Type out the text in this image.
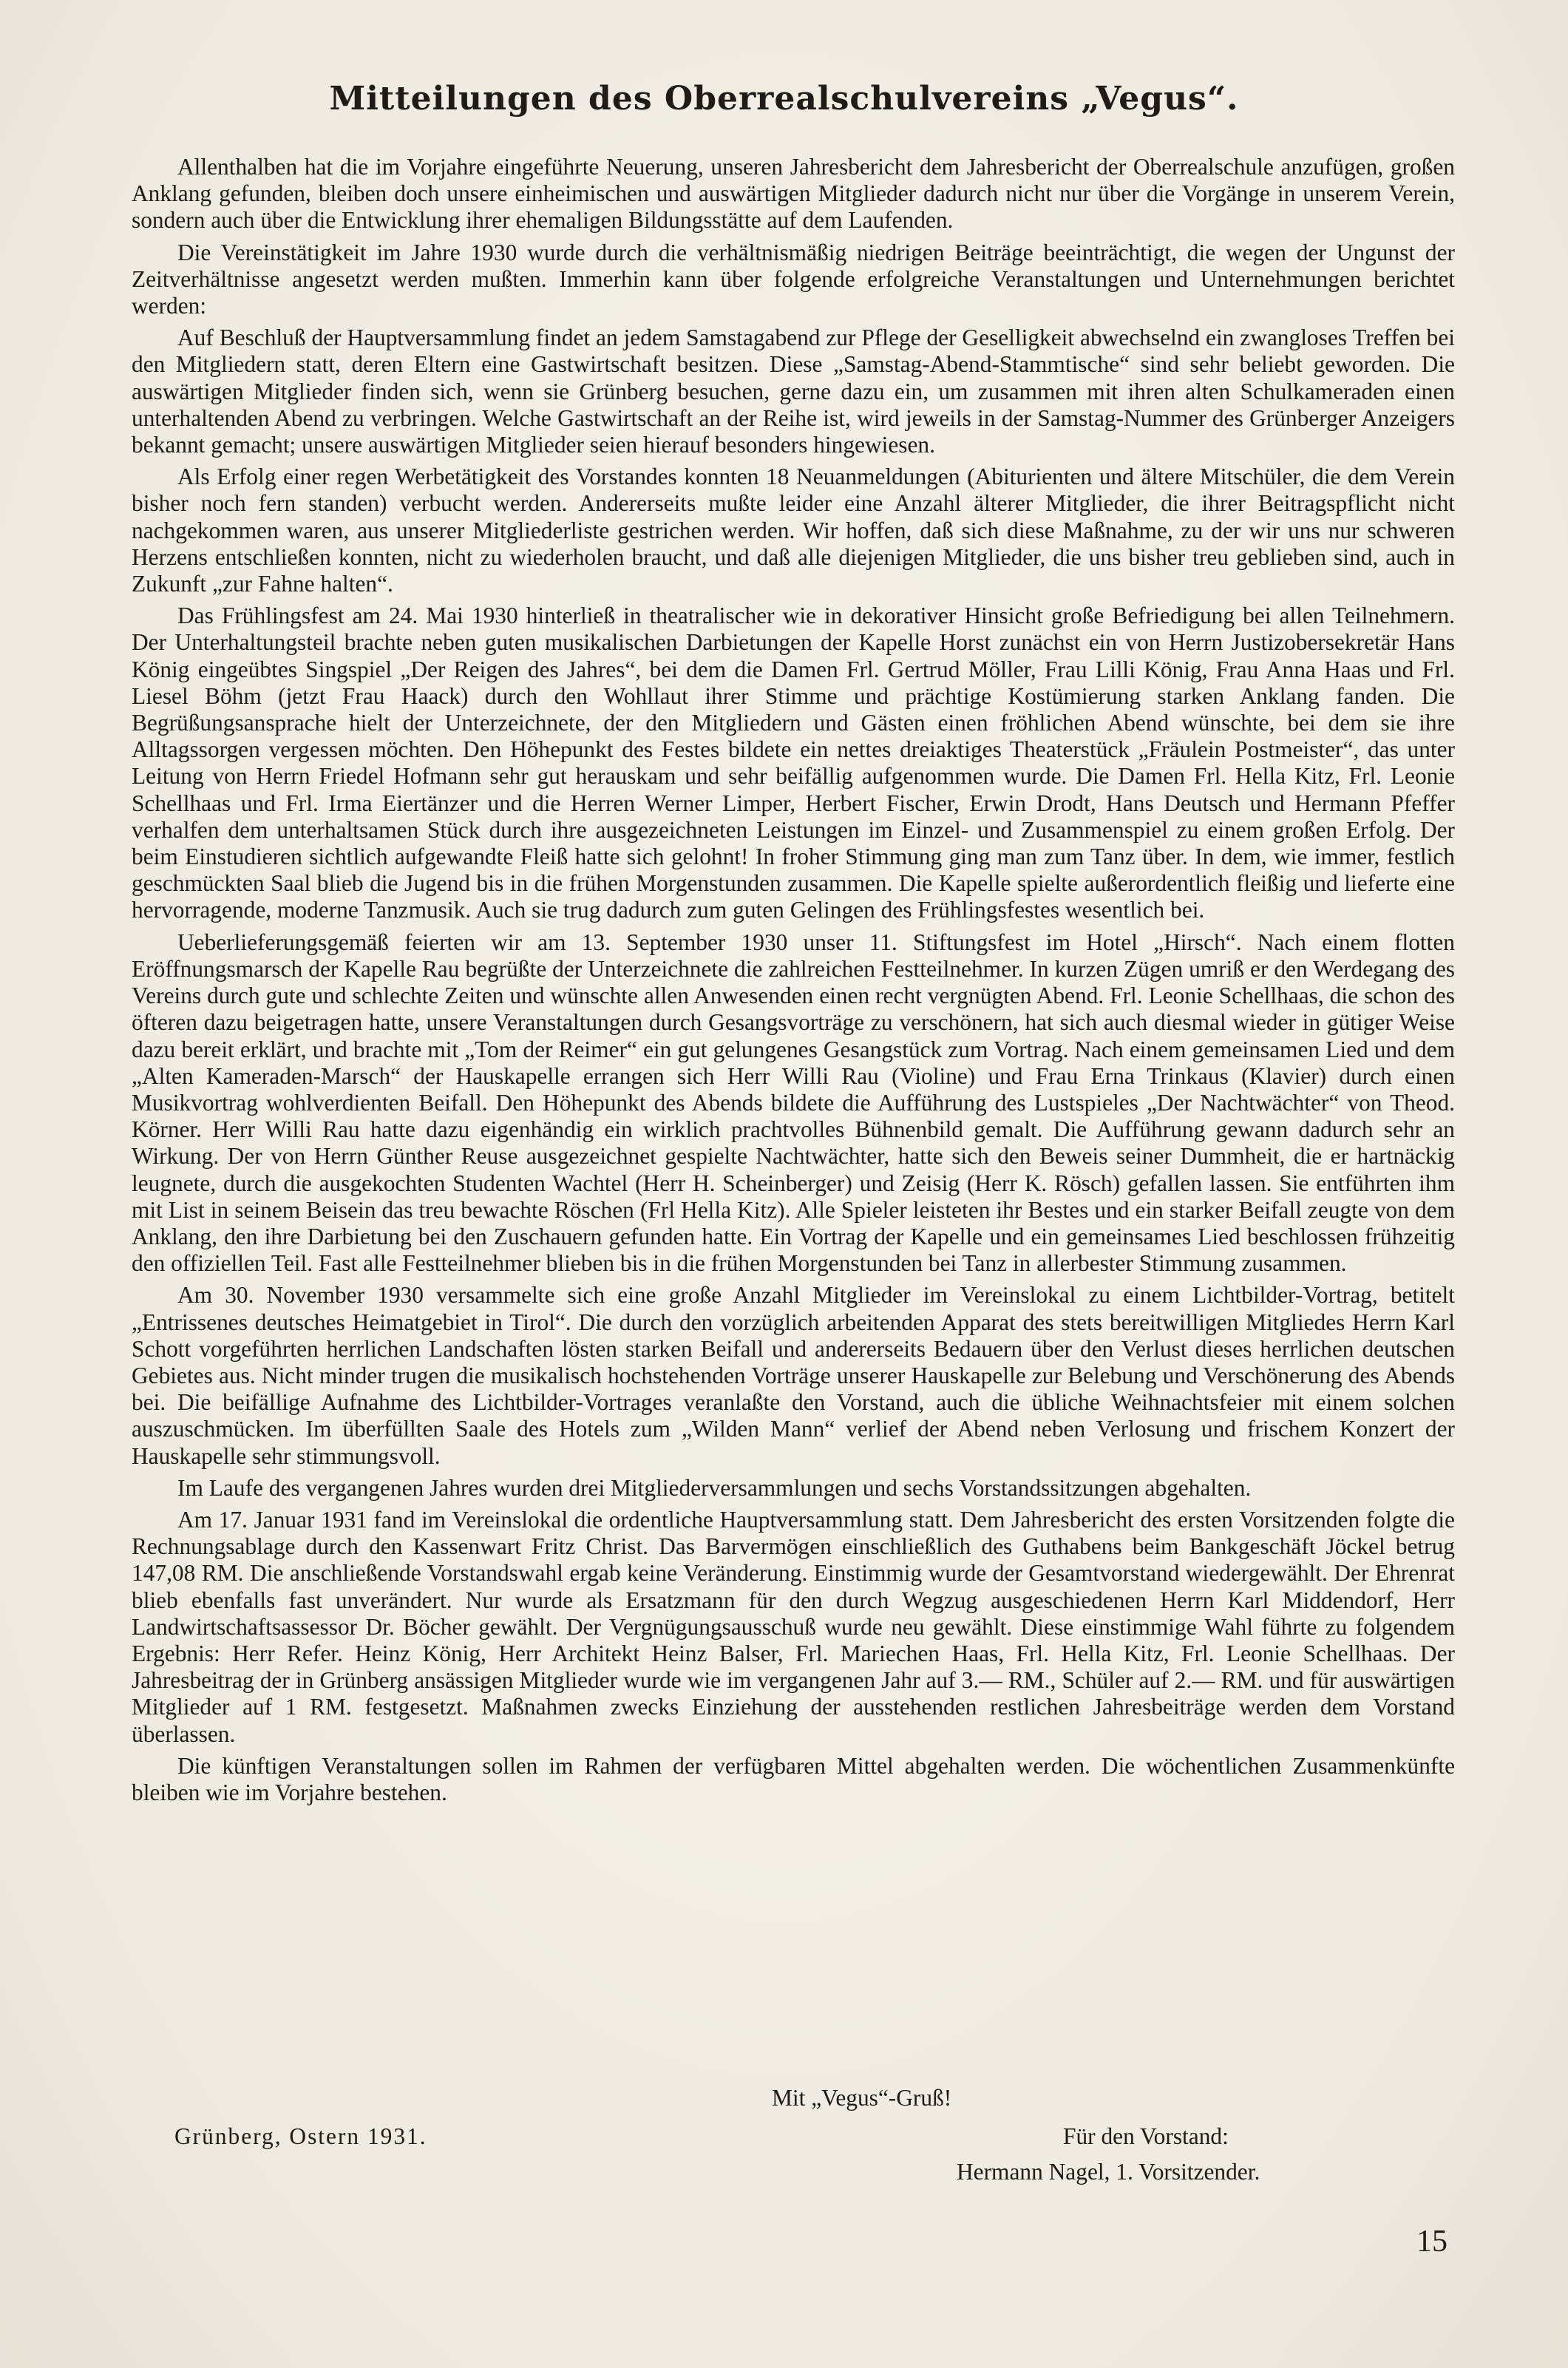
Mitteilungen des Oberrealschulvereins „Vegus“.

Allenthalben hat die im Vorjahre eingeführte Neuerung, unseren Jahresbericht dem Jahresbericht der Oberrealschule anzufügen, großen Anklang gefunden, bleiben doch unsere einheimischen und auswärtigen Mitglieder dadurch nicht nur über die Vorgänge in unserem Verein, sondern auch über die Entwicklung ihrer ehemaligen Bildungsstätte auf dem Laufenden.

Die Vereinstätigkeit im Jahre 1930 wurde durch die verhältnismäßig niedrigen Beiträge beeinträchtigt, die wegen der Ungunst der Zeitverhältnisse angesetzt werden mußten. Immerhin kann über folgende erfolgreiche Veranstaltungen und Unternehmungen berichtet werden:

Auf Beschluß der Hauptversammlung findet an jedem Samstagabend zur Pflege der Geselligkeit abwechselnd ein zwangloses Treffen bei den Mitgliedern statt, deren Eltern eine Gastwirtschaft besitzen. Diese „Samstag-Abend-Stammtische“ sind sehr beliebt geworden. Die auswärtigen Mitglieder finden sich, wenn sie Grünberg besuchen, gerne dazu ein, um zusammen mit ihren alten Schulkameraden einen unterhaltenden Abend zu verbringen. Welche Gastwirtschaft an der Reihe ist, wird jeweils in der Samstag-Nummer des Grünberger Anzeigers bekannt gemacht; unsere auswärtigen Mitglieder seien hierauf besonders hingewiesen.

Als Erfolg einer regen Werbetätigkeit des Vorstandes konnten 18 Neuanmeldungen (Abiturienten und ältere Mitschüler, die dem Verein bisher noch fern standen) verbucht werden. Andererseits mußte leider eine Anzahl älterer Mitglieder, die ihrer Beitragspflicht nicht nachgekommen waren, aus unserer Mitgliederliste gestrichen werden. Wir hoffen, daß sich diese Maßnahme, zu der wir uns nur schweren Herzens entschließen konnten, nicht zu wiederholen braucht, und daß alle diejenigen Mitglieder, die uns bisher treu geblieben sind, auch in Zukunft „zur Fahne halten“.

Das Frühlingsfest am 24. Mai 1930 hinterließ in theatralischer wie in dekorativer Hinsicht große Befriedigung bei allen Teilnehmern. Der Unterhaltungsteil brachte neben guten musikalischen Darbietungen der Kapelle Horst zunächst ein von Herrn Justizobersekretär Hans König eingeübtes Singspiel „Der Reigen des Jahres“, bei dem die Damen Frl. Gertrud Möller, Frau Lilli König, Frau Anna Haas und Frl. Liesel Böhm (jetzt Frau Haack) durch den Wohllaut ihrer Stimme und prächtige Kostümierung starken Anklang fanden. Die Begrüßungsansprache hielt der Unterzeichnete, der den Mitgliedern und Gästen einen fröhlichen Abend wünschte, bei dem sie ihre Alltagssorgen vergessen möchten. Den Höhepunkt des Festes bildete ein nettes dreiaktiges Theaterstück „Fräulein Postmeister“, das unter Leitung von Herrn Friedel Hofmann sehr gut herauskam und sehr beifällig aufgenommen wurde. Die Damen Frl. Hella Kitz, Frl. Leonie Schellhaas und Frl. Irma Eiertänzer und die Herren Werner Limper, Herbert Fischer, Erwin Drodt, Hans Deutsch und Hermann Pfeffer verhalfen dem unterhaltsamen Stück durch ihre ausgezeichneten Leistungen im Einzel- und Zusammenspiel zu einem großen Erfolg. Der beim Einstudieren sichtlich aufgewandte Fleiß hatte sich gelohnt! In froher Stimmung ging man zum Tanz über. In dem, wie immer, festlich geschmückten Saal blieb die Jugend bis in die frühen Morgenstunden zusammen. Die Kapelle spielte außerordentlich fleißig und lieferte eine hervorragende, moderne Tanzmusik. Auch sie trug dadurch zum guten Gelingen des Frühlingsfestes wesentlich bei.

Ueberlieferungsgemäß feierten wir am 13. September 1930 unser 11. Stiftungsfest im Hotel „Hirsch“. Nach einem flotten Eröffnungsmarsch der Kapelle Rau begrüßte der Unterzeichnete die zahlreichen Festteilnehmer. In kurzen Zügen umriß er den Werdegang des Vereins durch gute und schlechte Zeiten und wünschte allen Anwesenden einen recht vergnügten Abend. Frl. Leonie Schellhaas, die schon des öfteren dazu beigetragen hatte, unsere Veranstaltungen durch Gesangsvorträge zu verschönern, hat sich auch diesmal wieder in gütiger Weise dazu bereit erklärt, und brachte mit „Tom der Reimer“ ein gut gelungenes Gesangstück zum Vortrag. Nach einem gemeinsamen Lied und dem „Alten Kameraden-Marsch“ der Hauskapelle errangen sich Herr Willi Rau (Violine) und Frau Erna Trinkaus (Klavier) durch einen Musikvortrag wohlverdienten Beifall. Den Höhepunkt des Abends bildete die Aufführung des Lustspieles „Der Nachtwächter“ von Theod. Körner. Herr Willi Rau hatte dazu eigenhändig ein wirklich prachtvolles Bühnenbild gemalt. Die Aufführung gewann dadurch sehr an Wirkung. Der von Herrn Günther Reuse ausgezeichnet gespielte Nachtwächter, hatte sich den Beweis seiner Dummheit, die er hartnäckig leugnete, durch die ausgekochten Studenten Wachtel (Herr H. Scheinberger) und Zeisig (Herr K. Rösch) gefallen lassen. Sie entführten ihm mit List in seinem Beisein das treu bewachte Röschen (Frl Hella Kitz). Alle Spieler leisteten ihr Bestes und ein starker Beifall zeugte von dem Anklang, den ihre Darbietung bei den Zuschauern gefunden hatte. Ein Vortrag der Kapelle und ein gemeinsames Lied beschlossen frühzeitig den offiziellen Teil. Fast alle Festteilnehmer blieben bis in die frühen Morgenstunden bei Tanz in allerbester Stimmung zusammen.

Am 30. November 1930 versammelte sich eine große Anzahl Mitglieder im Vereinslokal zu einem Lichtbilder-Vortrag, betitelt „Entrissenes deutsches Heimatgebiet in Tirol“. Die durch den vorzüglich arbeitenden Apparat des stets bereitwilligen Mitgliedes Herrn Karl Schott vorgeführten herrlichen Landschaften lösten starken Beifall und andererseits Bedauern über den Verlust dieses herrlichen deutschen Gebietes aus. Nicht minder trugen die musikalisch hochstehenden Vorträge unserer Hauskapelle zur Belebung und Verschönerung des Abends bei. Die beifällige Aufnahme des Lichtbilder-Vortrages veranlaßte den Vorstand, auch die übliche Weihnachtsfeier mit einem solchen auszuschmücken. Im überfüllten Saale des Hotels zum „Wilden Mann“ verlief der Abend neben Verlosung und frischem Konzert der Hauskapelle sehr stimmungsvoll.

Im Laufe des vergangenen Jahres wurden drei Mitgliederversammlungen und sechs Vorstandssitzungen abgehalten.

Am 17. Januar 1931 fand im Vereinslokal die ordentliche Hauptversammlung statt. Dem Jahresbericht des ersten Vorsitzenden folgte die Rechnungsablage durch den Kassenwart Fritz Christ. Das Barvermögen einschließlich des Guthabens beim Bankgeschäft Jöckel betrug 147,08 RM. Die anschließende Vorstandswahl ergab keine Veränderung. Einstimmig wurde der Gesamtvorstand wiedergewählt. Der Ehrenrat blieb ebenfalls fast unverändert. Nur wurde als Ersatzmann für den durch Wegzug ausgeschiedenen Herrn Karl Middendorf, Herr Landwirtschaftsassessor Dr. Böcher gewählt. Der Vergnügungsausschuß wurde neu gewählt. Diese einstimmige Wahl führte zu folgendem Ergebnis: Herr Refer. Heinz König, Herr Architekt Heinz Balser, Frl. Mariechen Haas, Frl. Hella Kitz, Frl. Leonie Schellhaas. Der Jahresbeitrag der in Grünberg ansässigen Mitglieder wurde wie im vergangenen Jahr auf 3.— RM., Schüler auf 2.— RM. und für auswärtigen Mitglieder auf 1 RM. festgesetzt. Maßnahmen zwecks Einziehung der ausstehenden restlichen Jahresbeiträge werden dem Vorstand überlassen.

Die künftigen Veranstaltungen sollen im Rahmen der verfügbaren Mittel abgehalten werden. Die wöchentlichen Zusammenkünfte bleiben wie im Vorjahre bestehen.

Mit „Vegus“-Gruß!
Grünberg, Ostern 1931.	Für den Vorstand:
Hermann Nagel, 1. Vorsitzender.
15
